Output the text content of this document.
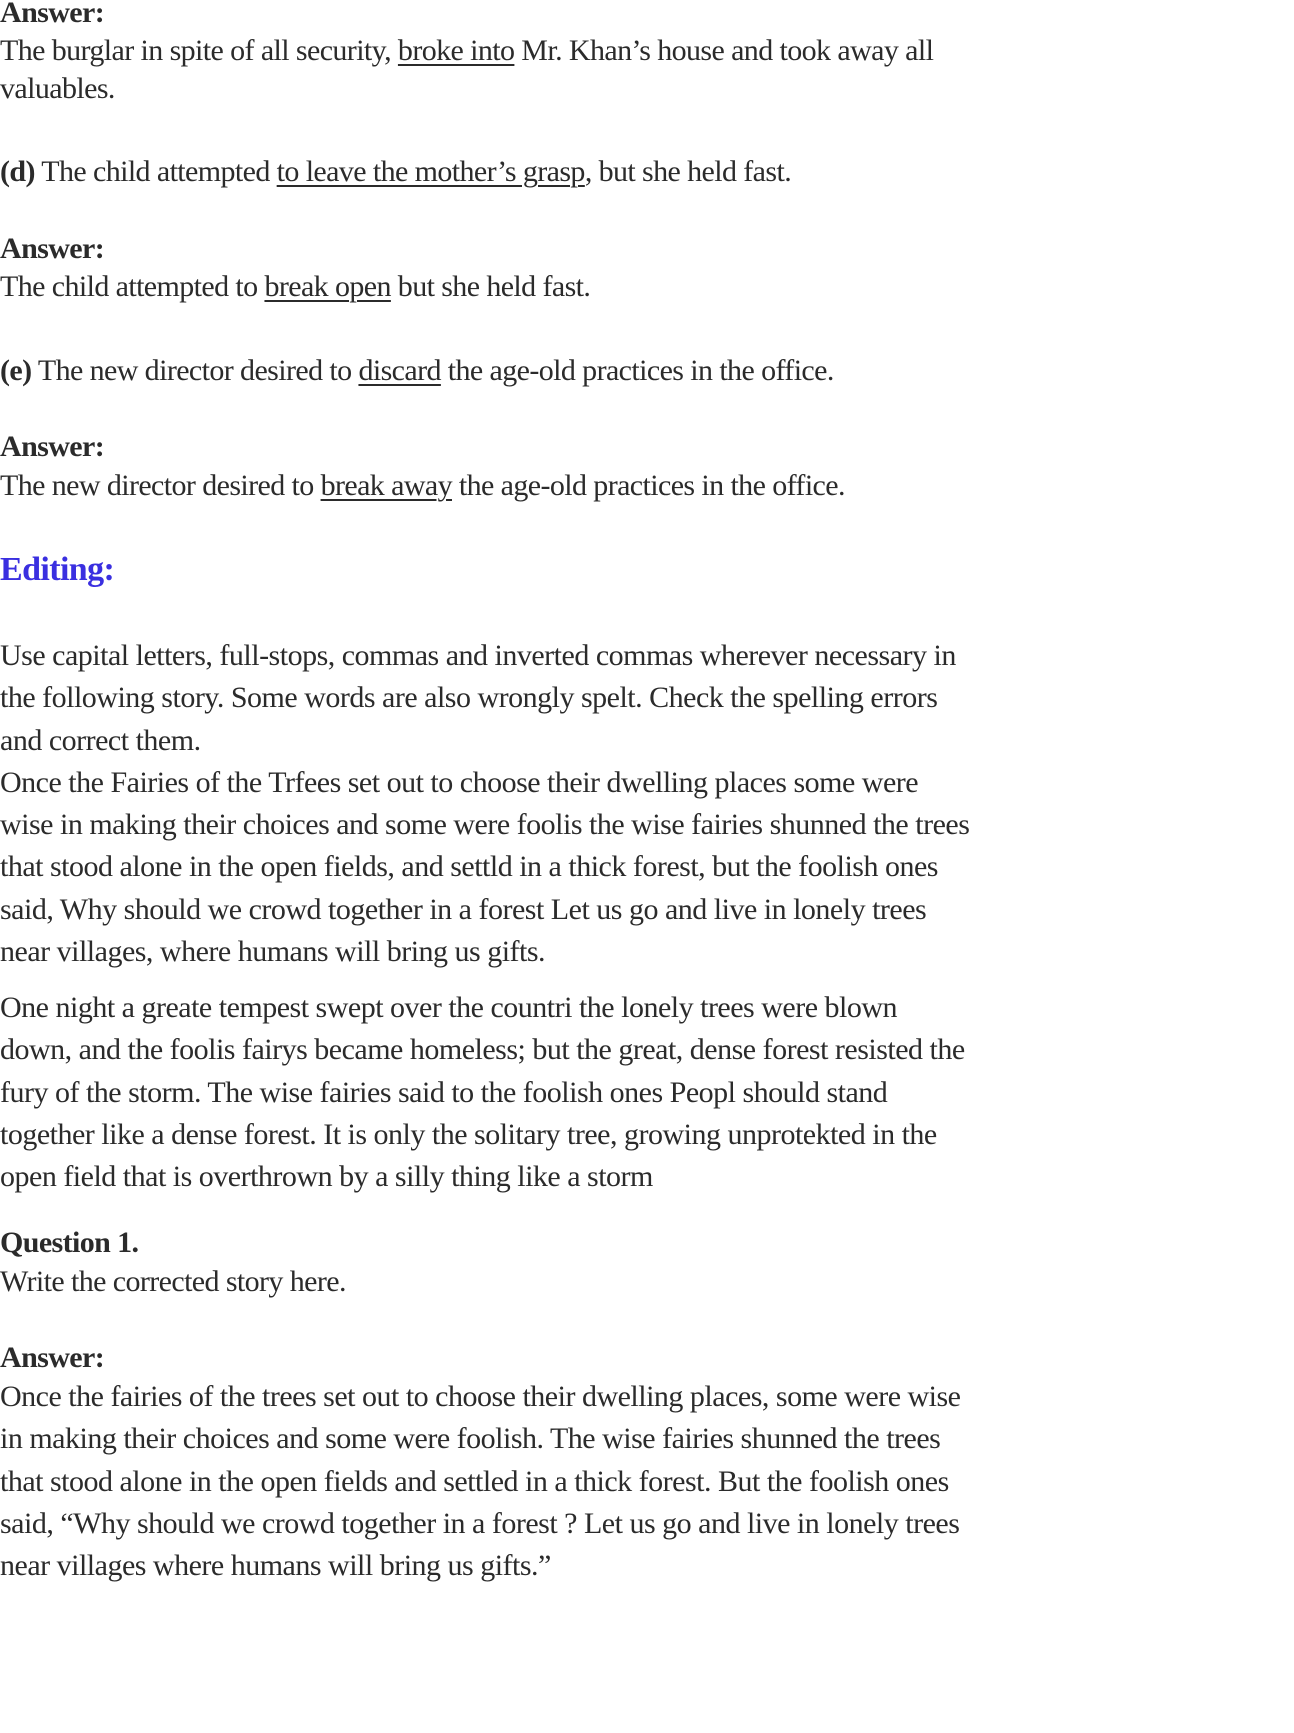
Answer:
The burglar in spite of all security, broke into Mr. Khan’s house and took away all
valuables.
(d) The child attempted to leave the mother’s grasp, but she held fast.
Answer:
The child attempted to break open but she held fast.
(e) The new director desired to discard the age-old practices in the office.
Answer:
The new director desired to break away the age-old practices in the office.
Editing:
Use capital letters, full-stops, commas and inverted commas wherever necessary in
the following story. Some words are also wrongly spelt. Check the spelling errors
and correct them.
Once the Fairies of the Trfees set out to choose their dwelling places some were
wise in making their choices and some were foolis the wise fairies shunned the trees
that stood alone in the open fields, and settld in a thick forest, but the foolish ones
said, Why should we crowd together in a forest Let us go and live in lonely trees
near villages, where humans will bring us gifts.
One night a greate tempest swept over the countri the lonely trees were blown
down, and the foolis fairys became homeless; but the great, dense forest resisted the
fury of the storm. The wise fairies said to the foolish ones Peopl should stand
together like a dense forest. It is only the solitary tree, growing unprotekted in the
open field that is overthrown by a silly thing like a storm
Question 1.
Write the corrected story here.
Answer:
Once the fairies of the trees set out to choose their dwelling places, some were wise
in making their choices and some were foolish. The wise fairies shunned the trees
that stood alone in the open fields and settled in a thick forest. But the foolish ones
said, “Why should we crowd together in a forest ? Let us go and live in lonely trees
near villages where humans will bring us gifts.”
